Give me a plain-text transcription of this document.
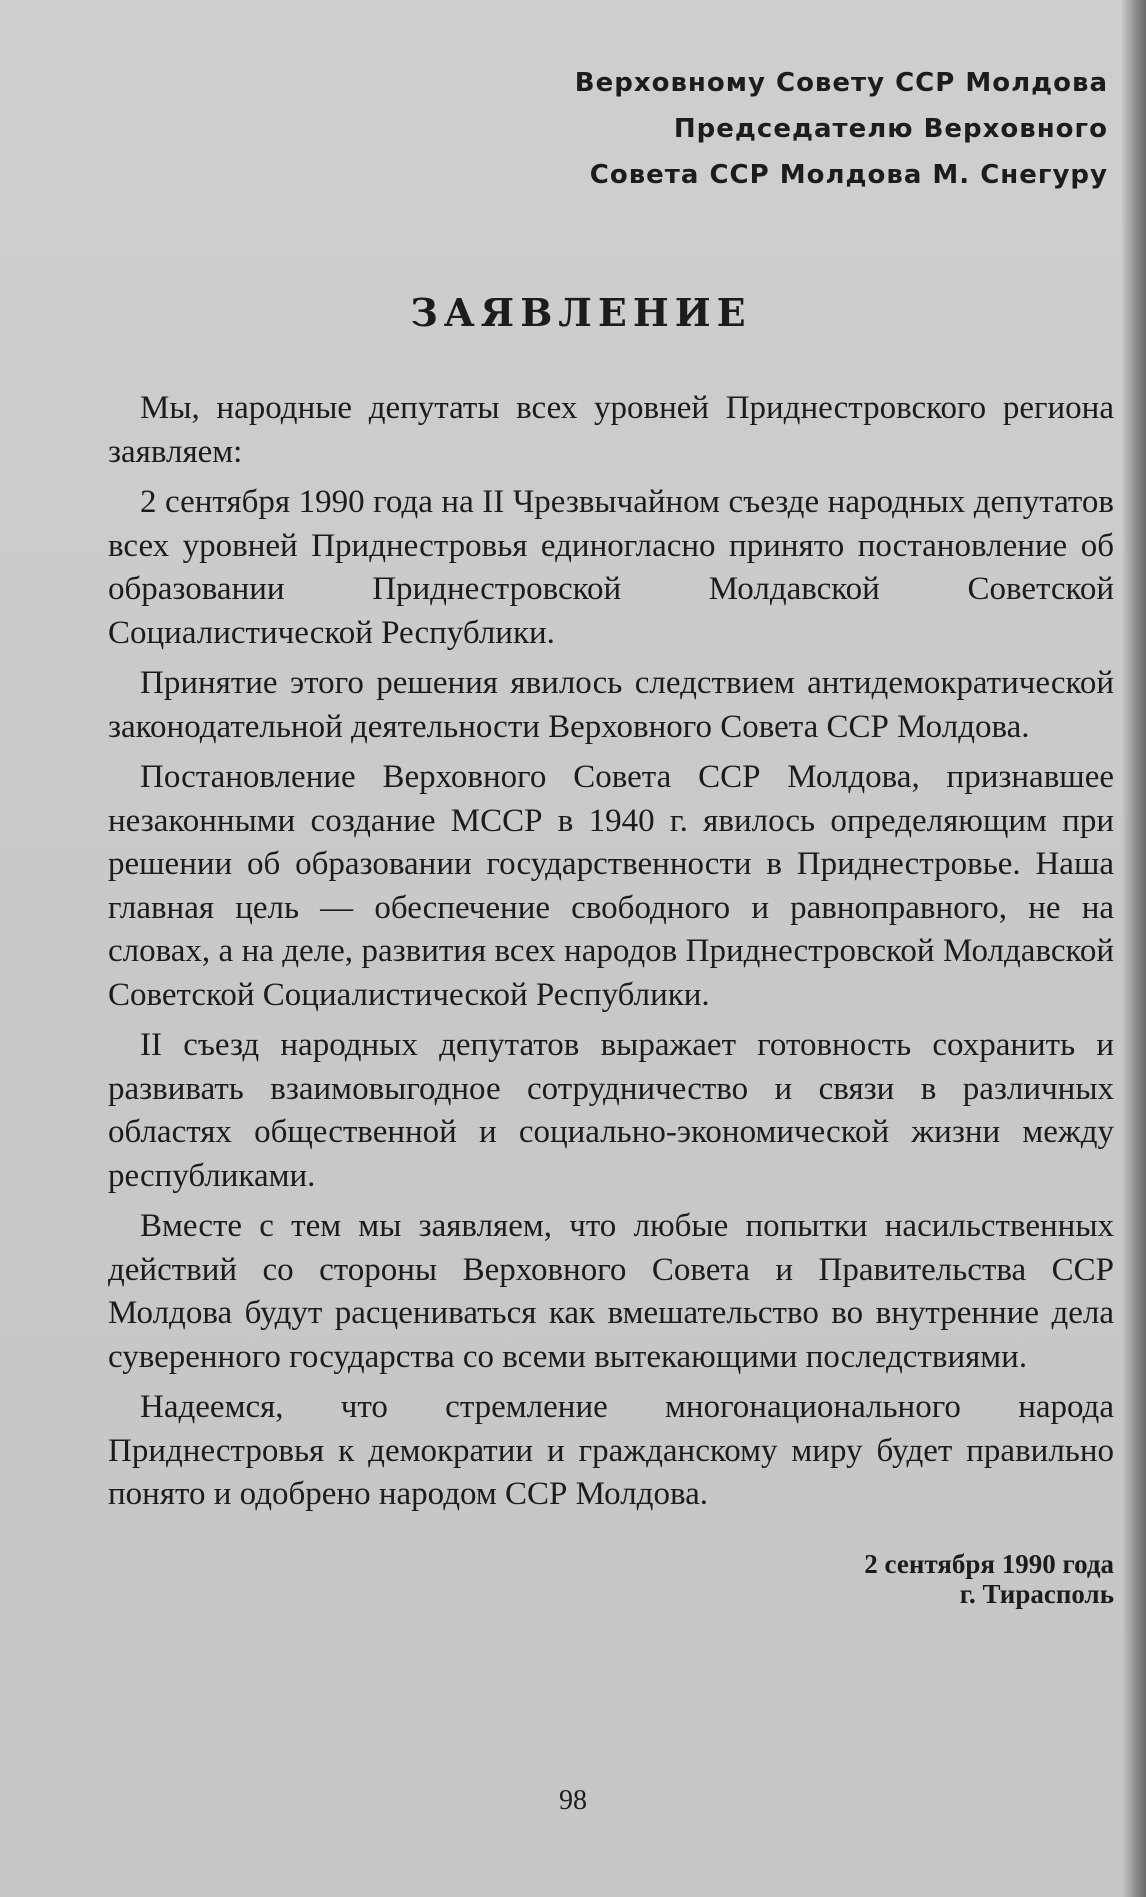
Верховному Совету ССР Молдова
Председателю Верховного
Совета ССР Молдова М. Снегуру
ЗАЯВЛЕНИЕ

Мы, народные депутаты всех уровней Приднестровского региона заявляем:

2 сентября 1990 года на II Чрезвычайном съезде народных депутатов всех уровней Приднестровья единогласно принято постановление об образовании Приднестровской Молдавской Советской Социалистической Республики.

Принятие этого решения явилось следствием антидемократической законодательной деятельности Верховного Совета ССР Молдова.

Постановление Верховного Совета ССР Молдова, признавшее незаконными создание МССР в 1940 г. явилось определяющим при решении об образовании государственности в Приднестровье. Наша главная цель — обеспечение свободного и равноправного, не на словах, а на деле, развития всех народов Приднестровской Молдавской Советской Социалистической Республики.

II съезд народных депутатов выражает готовность сохранить и развивать взаимовыгодное сотрудничество и связи в различных областях общественной и социально-экономической жизни между республиками.

Вместе с тем мы заявляем, что любые попытки насильственных действий со стороны Верховного Совета и Правительства ССР Молдова будут расцениваться как вмешательство во внутренние дела суверенного государства со всеми вытекающими последствиями.

Надеемся, что стремление многонационального народа Приднестровья к демократии и гражданскому миру будет правильно понято и одобрено народом ССР Молдова.

2 сентября 1990 года
г. Тирасполь
98
